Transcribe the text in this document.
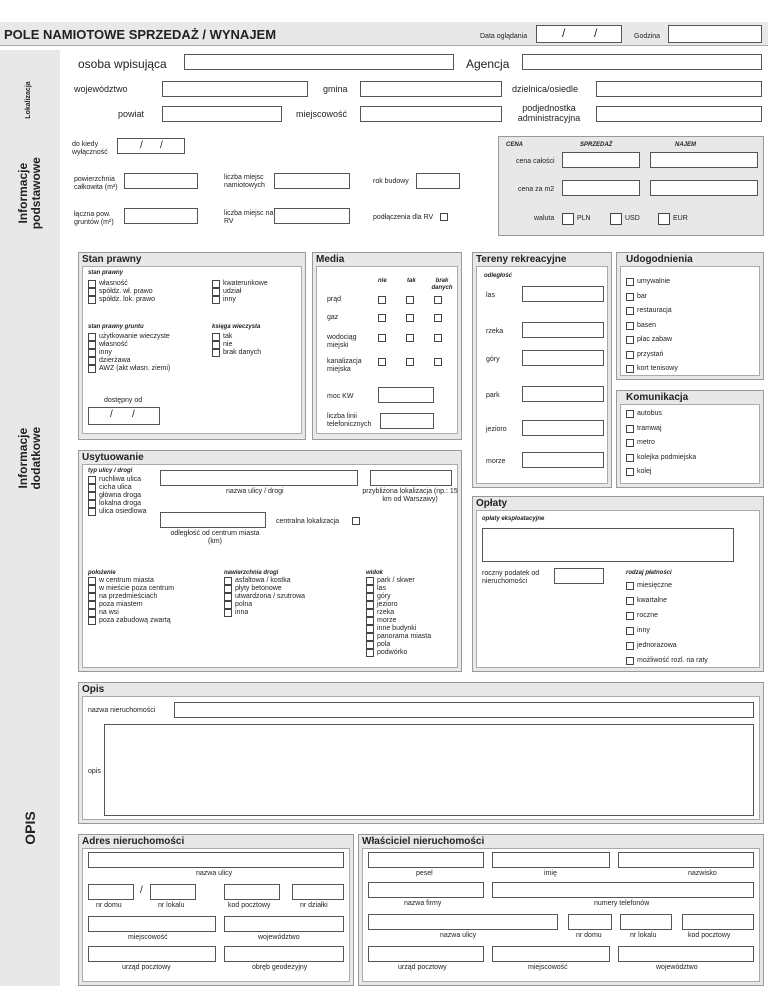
POLE NAMIOTOWE SPRZEDAŻ / WYNAJEM	Data oglądania	/ /	Godzina
Lokalizacja
Informacje podstawowe
Informacje dodatkowe
OPIS
osoba wpisująca	Agencja
województwo	gmina	dzielnica/osiedle
powiat	miejscowość
podjednostka administracyjna
do kiedy wyłączność
/ /
powierzchnia całkowita (m²)
liczba miejsc namiotowych
rok budowy
łączna pow. gruntów (m²)
liczba miejsc na RV
podłączenia dla RV
CENA	SPRZEDAŻ	NAJEM
cena całości
cena za m2
waluta	PLN	USD	EUR
Stan prawny
stan prawny
własność
spółdz. wł. prawo
spółdz. lok. prawo
kwaterunkowe
udział
inny
użytkowanie wieczyste
własność
inny
dzierżawa
AWZ (akt własn. ziemi)
tak
nie
brak danych
stan prawny gruntu	księga wieczysta
dostępny od
/ /
Media
nie	tak	brak danych
prąd
gaz
wodociąg miejski
kanalizacja miejska
moc KW
liczba linii telefonicznych
Tereny rekreacyjne
odległość
las
rzeka
góry
park
jezioro
morze
Udogodnienia
umywalnie
bar
restauracja
basen
plac zabaw
przystań
kort tenisowy
Komunikacja
autobus
tramwaj
metro
kolejka podmiejska
kolej
Usytuowanie
typ ulicy / drogi
ruchliwa ulica
cicha ulica
główna droga
lokalna droga
ulica osiedlowa
nazwa ulicy / drogi	przybliżona lokalizacja (np.: 15 km od Warszawy)
odległość od centrum miasta (km)
centralna lokalizacja
położenie	nawierzchnia drogi	widok
w centrum miasta
w mieście poza centrum
na przedmieściach
poza miastem
na wsi
poza zabudową zwartą
asfaltowa / kostka
płyty betonowe
utwardzona / szutrowa
polna
inna
park / skwer
las
góry
jezioro
rzeka
morze
inne budynki
panorama miasta
pola
podwórko
Opłaty
opłaty eksploatacyjne
roczny podatek od nieruchomości
rodzaj płatności
miesięczne
kwartalne
roczne
inny
jednorazowa
możliwość rozl. na raty
Opis
nazwa nieruchomości
opis
Adres nieruchomości
nazwa ulicy
/
nr domu	nr lokalu	kod pocztowy	nr działki
miejscowość	województwo
urząd pocztowy	obręb geodezyjny
Właściciel nieruchomości
pesel	imię	nazwisko
nazwa firmy	numery telefonów
nazwa ulicy	nr domu	nr lokalu	kod pocztowy
urząd pocztowy	miejscowość	województwo
